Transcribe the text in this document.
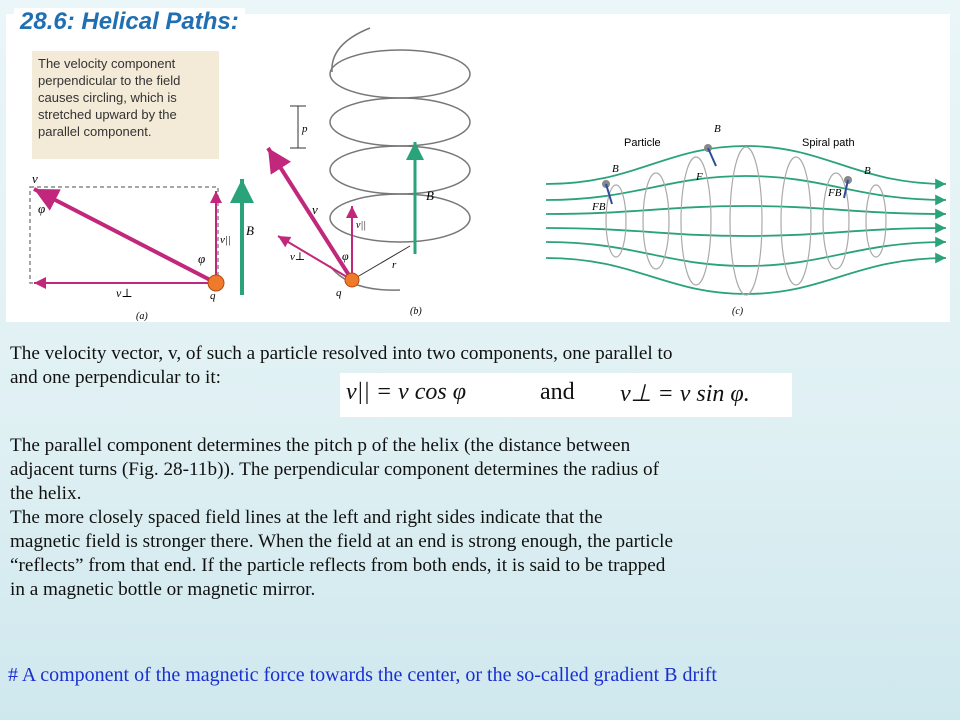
28.6: Helical Paths:
The velocity component perpendicular to the field causes circling, which is stretched upward by the parallel component.
v
φ
φ
v||
v⊥
B
q
(a)
p
B
v
v||
v⊥	φ
r
q
(b)
Particle	Spiral path
B
B
B
F
FB
FB
(c)
The velocity vector, v, of such a particle resolved into two components, one parallel to
and one perpendicular to it:
v|| = v cos φ	and v⊥ = v sin φ.
The parallel component determines the pitch p of the helix (the distance between
adjacent turns (Fig. 28-11b)). The perpendicular component determines the radius of
the helix.
The more closely spaced field lines at the left and right sides indicate that the
magnetic field is stronger there. When the field at an end is strong enough, the particle
“reflects” from that end. If the particle reflects from both ends, it is said to be trapped
in a magnetic bottle or magnetic mirror.
# A component of the magnetic force towards the center, or the so-called gradient B drift
